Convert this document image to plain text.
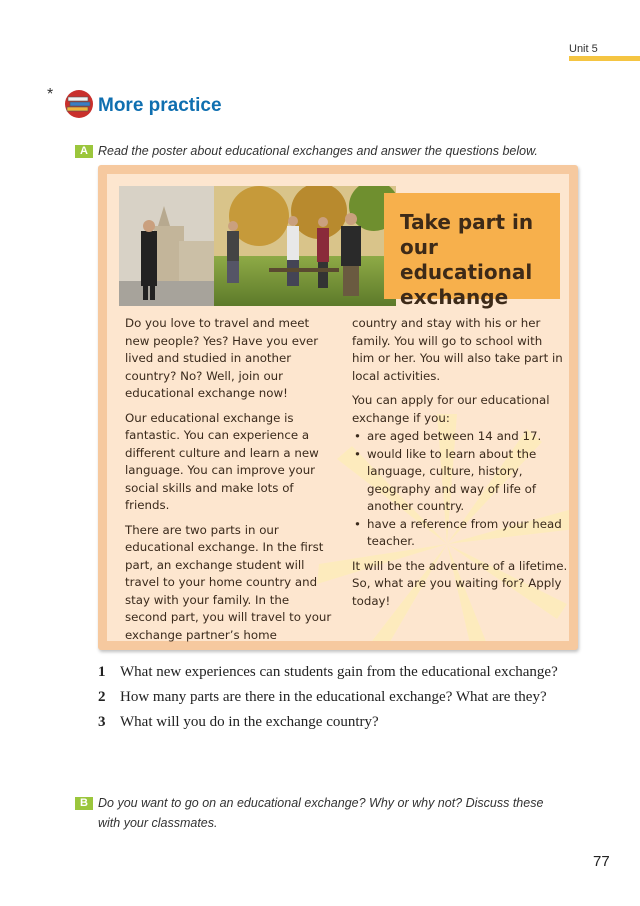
Unit 5
*
More practice
A Read the poster about educational exchanges and answer the questions below.
Take part in our educational exchange

Do you love to travel and meet new people? Yes? Have you ever lived and studied in another country? No? Well, join our educational exchange now!

Our educational exchange is fantastic. You can experience a different culture and learn a new language. You can improve your social skills and make lots of friends.

There are two parts in our educational exchange. In the first part, an exchange student will travel to your home country and stay with your family. In the second part, you will travel to your exchange partner’s home

country and stay with his or her family. You will go to school with him or her. You will also take part in local activities.

You can apply for our educational exchange if you:

• are aged between 14 and 17.
• would like to learn about the language, culture, history, geography and way of life of another country.
• have a reference from your head teacher.

It will be the adventure of a lifetime. So, what are you waiting for? Apply today!

1 What new experiences can students gain from the educational exchange?
2 How many parts are there in the educational exchange? What are they?
3 What will you do in the exchange country?
B Do you want to go on an educational exchange? Why or why not? Discuss these with your classmates.
77
